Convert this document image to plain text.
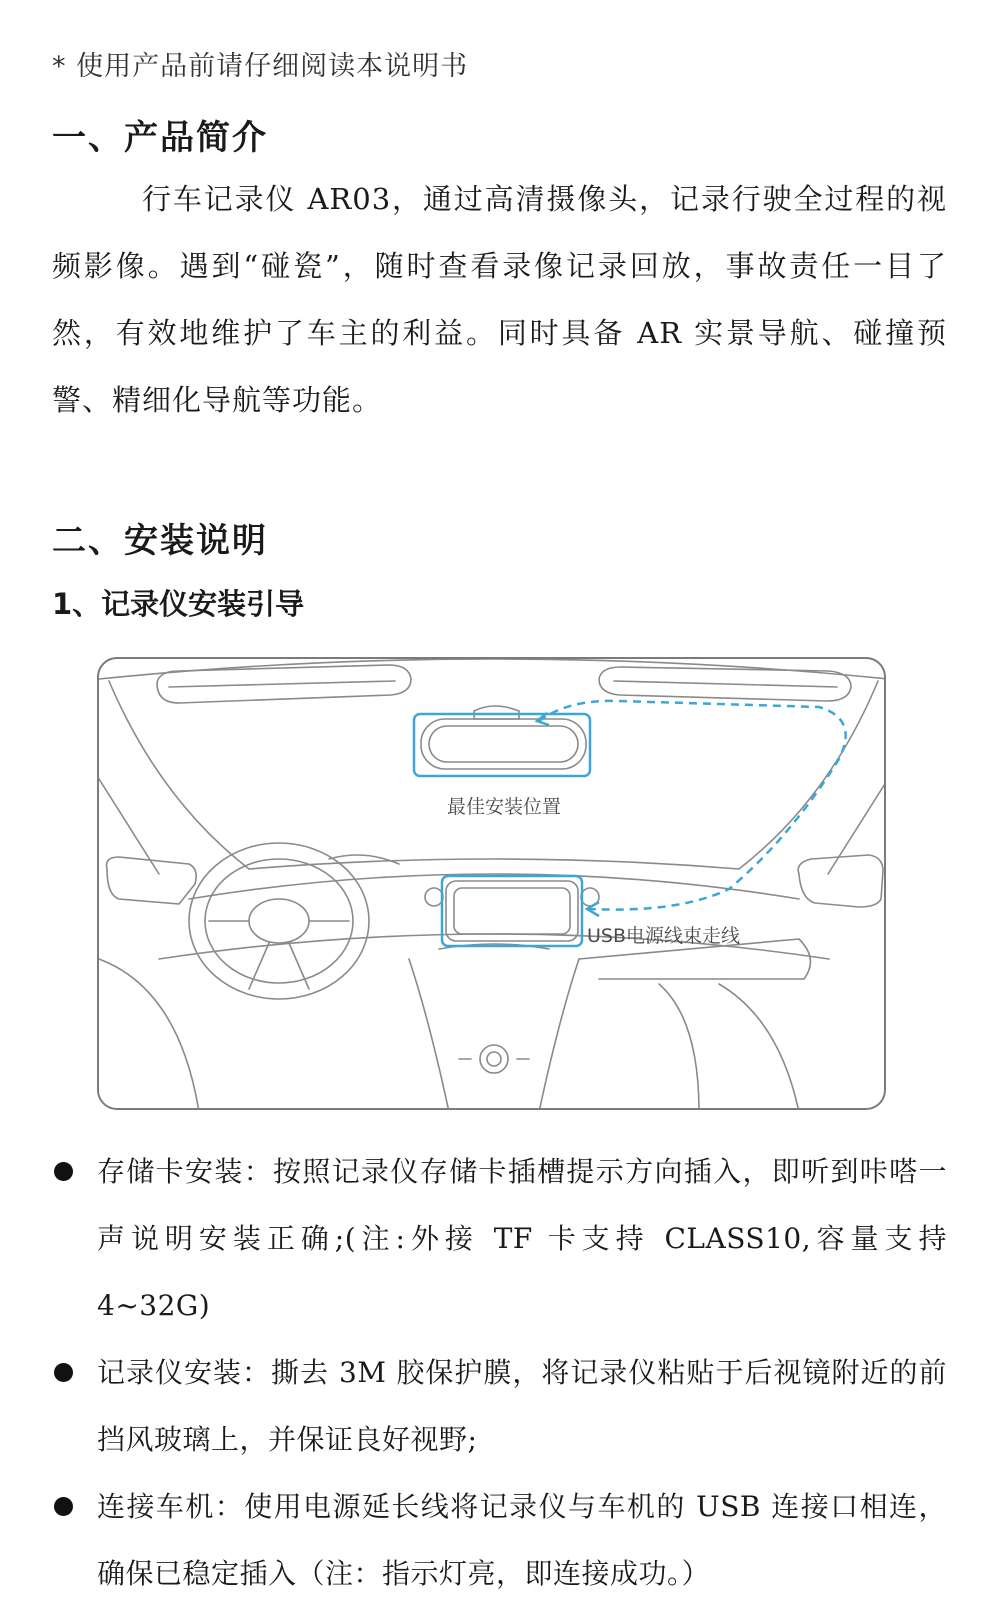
* 使用产品前请仔细阅读本说明书
一、产品简介

行车记录仪 AR03，通过高清摄像头，记录行驶全过程的视频影像。遇到“碰瓷”，随时查看录像记录回放，事故责任一目了然，有效地维护了车主的利益。同时具备 AR 实景导航、碰撞预警、精细化导航等功能。

二、安装说明
1、记录仪安装引导
最佳安装位置
USB电源线束走线
存储卡安装：按照记录仪存储卡插槽提示方向插入，即听到咔嗒一声说明安装正确;(注:外接 TF 卡支持 CLASS10,容量支持 4~32G)
记录仪安装：撕去 3M 胶保护膜，将记录仪粘贴于后视镜附近的前挡风玻璃上，并保证良好视野;
连接车机：使用电源延长线将记录仪与车机的 USB 连接口相连，确保已稳定插入（注：指示灯亮，即连接成功。）
